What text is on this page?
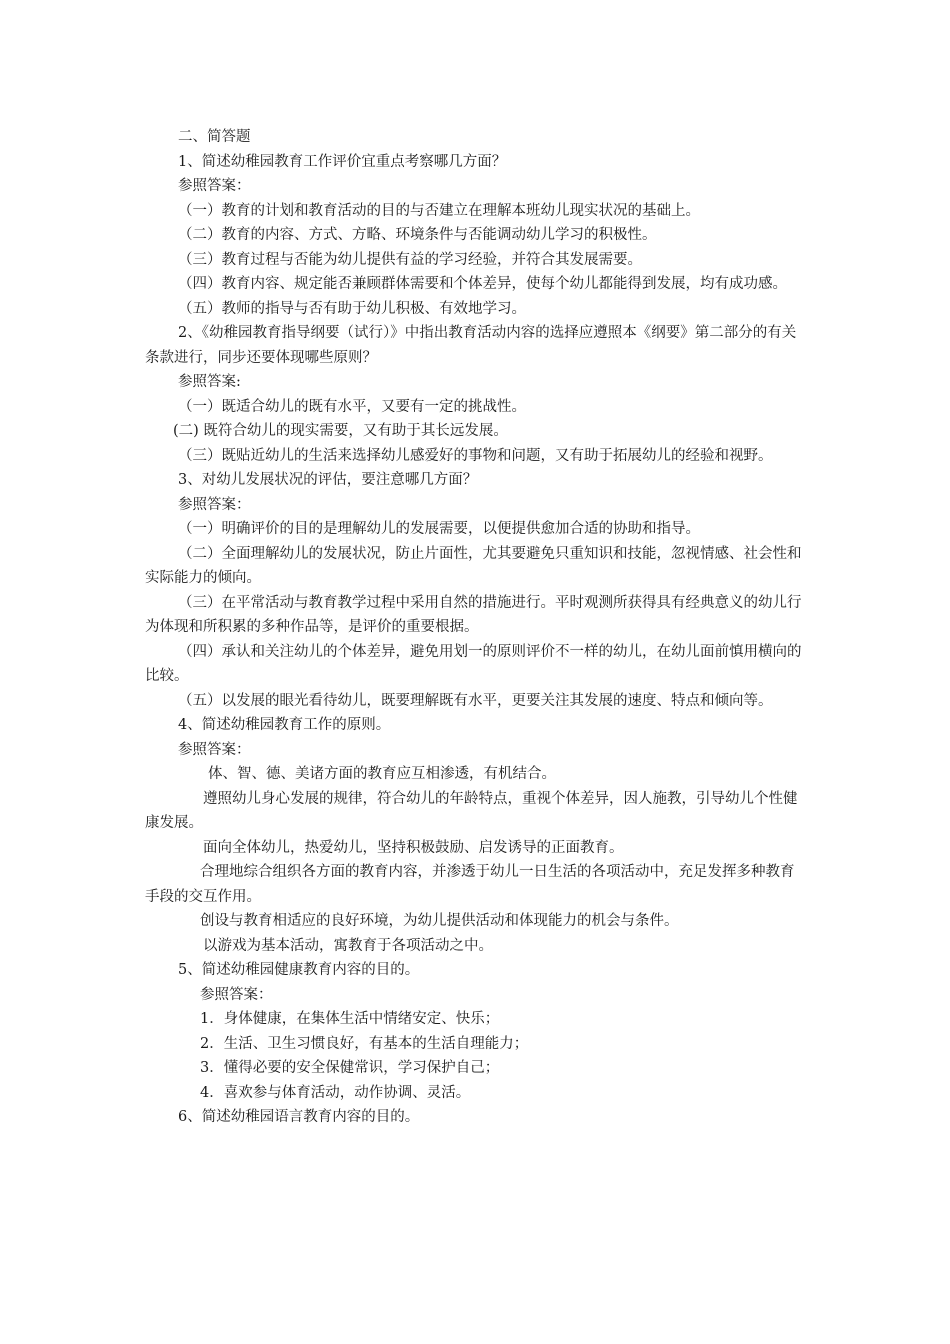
二、简答题

1、简述幼稚园教育工作评价宜重点考察哪几方面？

参照答案：

（一）教育的计划和教育活动的目的与否建立在理解本班幼儿现实状况的基础上。

（二）教育的内容、方式、方略、环境条件与否能调动幼儿学习的积极性。

（三）教育过程与否能为幼儿提供有益的学习经验，并符合其发展需要。

（四）教育内容、规定能否兼顾群体需要和个体差异，使每个幼儿都能得到发展，均有成功感。

（五）教师的指导与否有助于幼儿积极、有效地学习。

2、《幼稚园教育指导纲要（试行）》中指出教育活动内容的选择应遵照本《纲要》第二部分的有关条款进行，同步还要体现哪些原则？

参照答案:

（一）既适合幼儿的既有水平，又要有一定的挑战性。

(二) 既符合幼儿的现实需要，又有助于其长远发展。

（三）既贴近幼儿的生活来选择幼儿感爱好的事物和问题，又有助于拓展幼儿的经验和视野。

3、对幼儿发展状况的评估，要注意哪几方面？

参照答案：

（一）明确评价的目的是理解幼儿的发展需要，以便提供愈加合适的协助和指导。

（二）全面理解幼儿的发展状况，防止片面性，尤其要避免只重知识和技能，忽视情感、社会性和实际能力的倾向。

（三）在平常活动与教育教学过程中采用自然的措施进行。平时观测所获得具有经典意义的幼儿行为体现和所积累的多种作品等，是评价的重要根据。

（四）承认和关注幼儿的个体差异，避免用划一的原则评价不一样的幼儿，在幼儿面前慎用横向的比较。

（五）以发展的眼光看待幼儿，既要理解既有水平，更要关注其发展的速度、特点和倾向等。

4、简述幼稚园教育工作的原则。

参照答案：

体、智、德、美诸方面的教育应互相渗透，有机结合。

遵照幼儿身心发展的规律，符合幼儿的年龄特点，重视个体差异，因人施教，引导幼儿个性健康发展。

面向全体幼儿，热爱幼儿，坚持积极鼓励、启发诱导的正面教育。

合理地综合组织各方面的教育内容，并渗透于幼儿一日生活的各项活动中，充足发挥多种教育手段的交互作用。

创设与教育相适应的良好环境，为幼儿提供活动和体现能力的机会与条件。

以游戏为基本活动，寓教育于各项活动之中。

5、简述幼稚园健康教育内容的目的。

参照答案：

1．身体健康，在集体生活中情绪安定、快乐；

2．生活、卫生习惯良好，有基本的生活自理能力；

3．懂得必要的安全保健常识，学习保护自己；

4．喜欢参与体育活动，动作协调、灵活。

6、简述幼稚园语言教育内容的目的。
